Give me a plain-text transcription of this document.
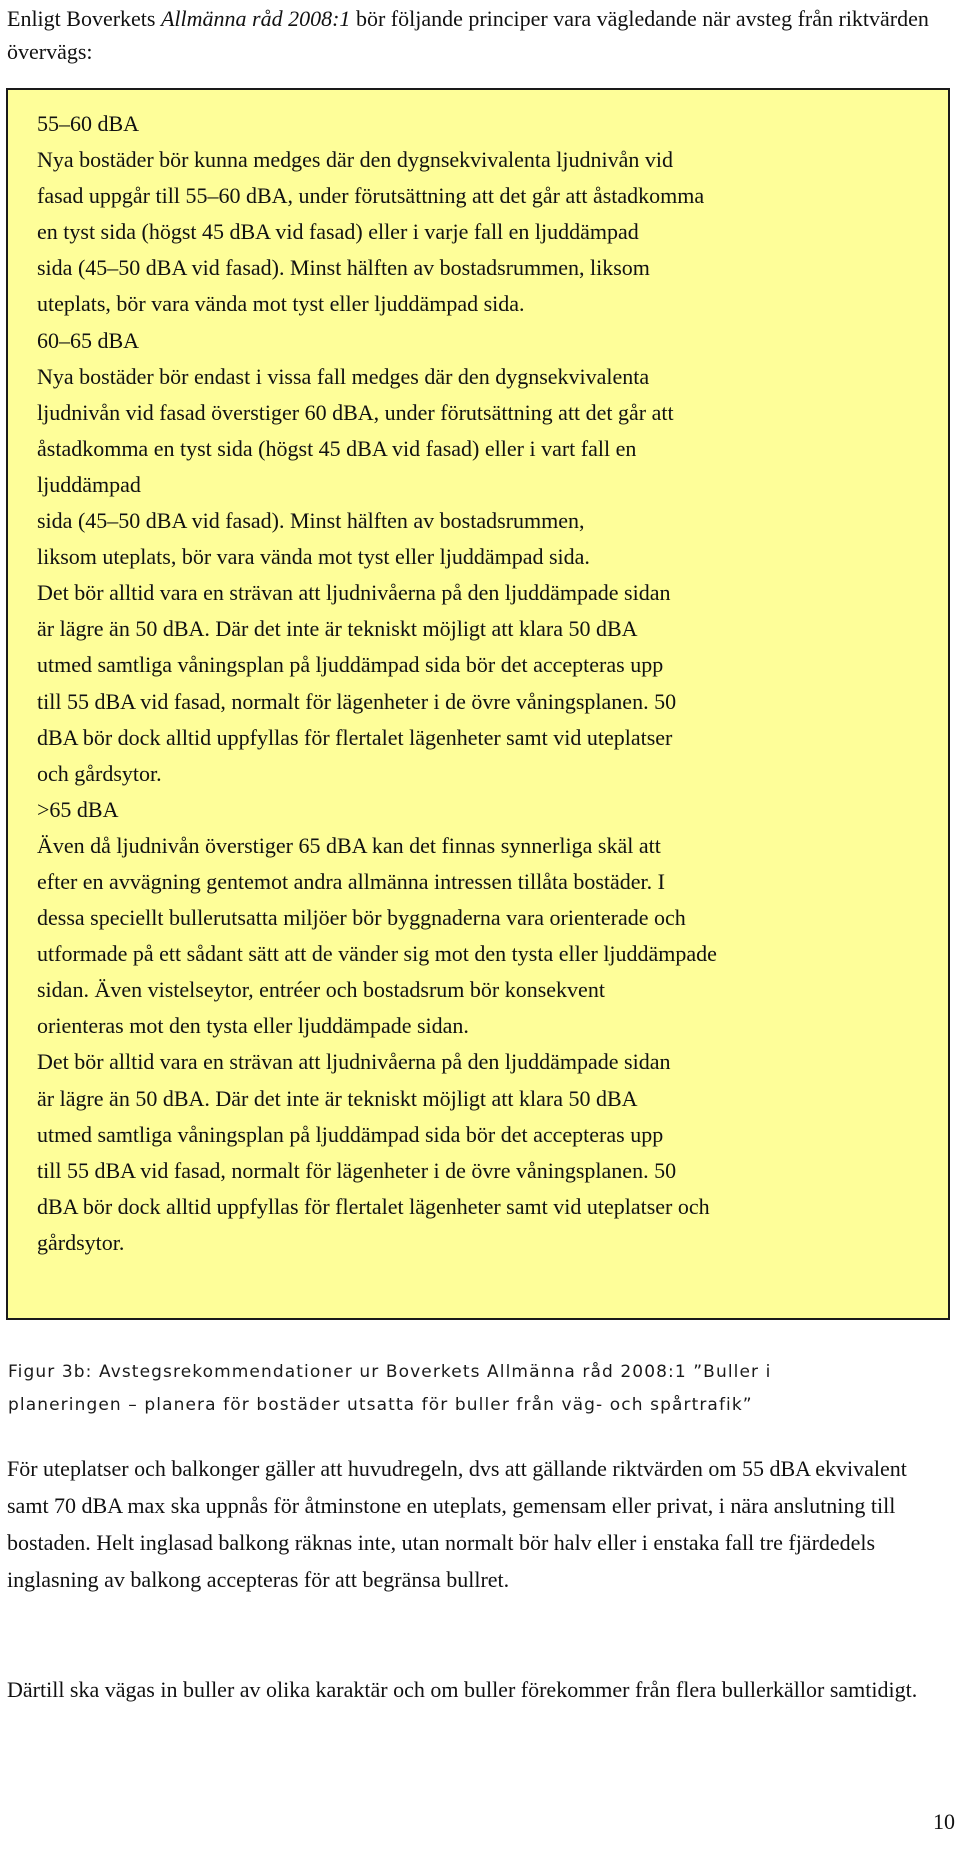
Enligt Boverkets Allmänna råd 2008:1 bör följande principer vara vägledande när avsteg från riktvärden övervägs:

55–60 dBA

Nya bostäder bör kunna medges där den dygnsekvivalenta ljudnivån vid

fasad uppgår till 55–60 dBA, under förutsättning att det går att åstadkomma

en tyst sida (högst 45 dBA vid fasad) eller i varje fall en ljuddämpad

sida (45–50 dBA vid fasad). Minst hälften av bostadsrummen, liksom

uteplats, bör vara vända mot tyst eller ljuddämpad sida.

60–65 dBA

Nya bostäder bör endast i vissa fall medges där den dygnsekvivalenta

ljudnivån vid fasad överstiger 60 dBA, under förutsättning att det går att

åstadkomma en tyst sida (högst 45 dBA vid fasad) eller i vart fall en

ljuddämpad

sida (45–50 dBA vid fasad). Minst hälften av bostadsrummen,

liksom uteplats, bör vara vända mot tyst eller ljuddämpad sida.

Det bör alltid vara en strävan att ljudnivåerna på den ljuddämpade sidan

är lägre än 50 dBA. Där det inte är tekniskt möjligt att klara 50 dBA

utmed samtliga våningsplan på ljuddämpad sida bör det accepteras upp

till 55 dBA vid fasad, normalt för lägenheter i de övre våningsplanen. 50

dBA bör dock alltid uppfyllas för flertalet lägenheter samt vid uteplatser

och gårdsytor.

>65 dBA

Även då ljudnivån överstiger 65 dBA kan det finnas synnerliga skäl att

efter en avvägning gentemot andra allmänna intressen tillåta bostäder. I

dessa speciellt bullerutsatta miljöer bör byggnaderna vara orienterade och

utformade på ett sådant sätt att de vänder sig mot den tysta eller ljuddämpade

sidan. Även vistelseytor, entréer och bostadsrum bör konsekvent

orienteras mot den tysta eller ljuddämpade sidan.

Det bör alltid vara en strävan att ljudnivåerna på den ljuddämpade sidan

är lägre än 50 dBA. Där det inte är tekniskt möjligt att klara 50 dBA

utmed samtliga våningsplan på ljuddämpad sida bör det accepteras upp

till 55 dBA vid fasad, normalt för lägenheter i de övre våningsplanen. 50

dBA bör dock alltid uppfyllas för flertalet lägenheter samt vid uteplatser och

gårdsytor.

Figur 3b: Avstegsrekommendationer ur Boverkets Allmänna råd 2008:1 ”Buller i
planeringen – planera för bostäder utsatta för buller från väg- och spårtrafik”

För uteplatser och balkonger gäller att huvudregeln, dvs att gällande riktvärden om 55 dBA ekvivalent samt 70 dBA max ska uppnås för åtminstone en uteplats, gemensam eller privat, i nära anslutning till bostaden. Helt inglasad balkong räknas inte, utan normalt bör halv eller i enstaka fall tre fjärdedels inglasning av balkong accepteras för att begränsa bullret.

Därtill ska vägas in buller av olika karaktär och om buller förekommer från flera bullerkällor samtidigt.

10
